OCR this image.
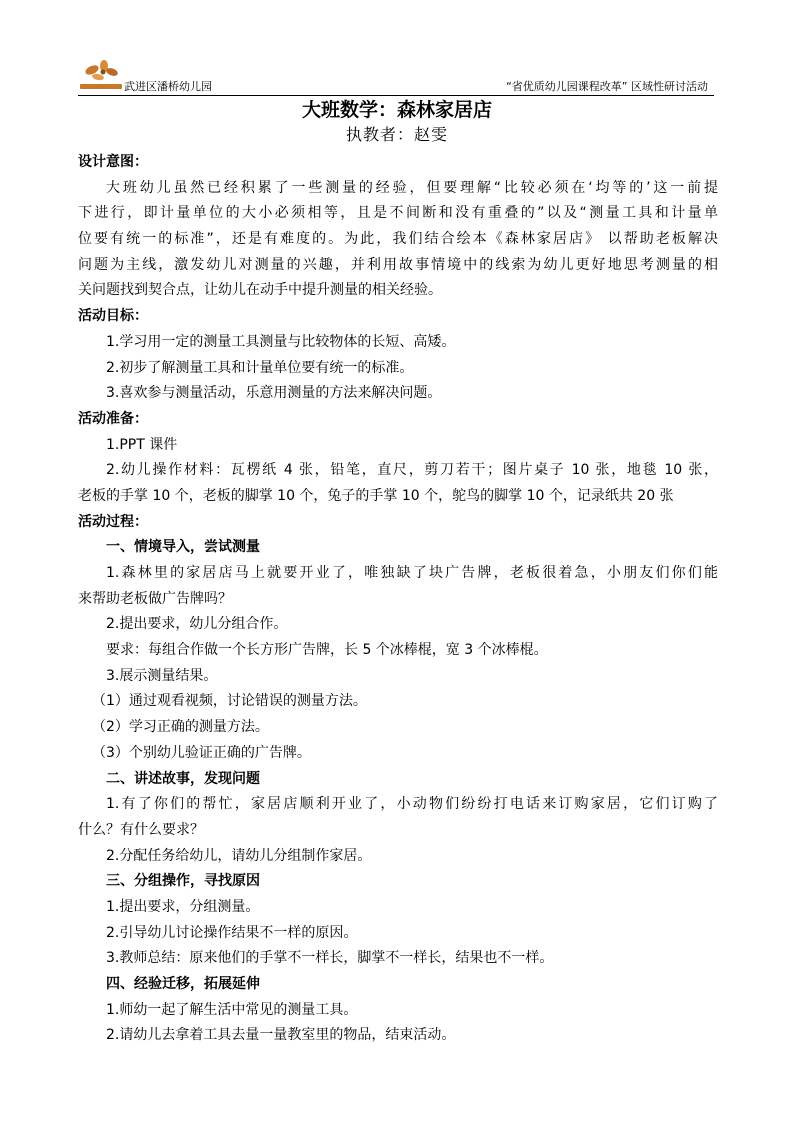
武进区潘桥幼儿园	“省优质幼儿园课程改革” 区域性研讨活动
大班数学：森林家居店
执教者：赵雯
设计意图：
大班幼儿虽然已经积累了一些测量的经验，但要理解“比较必须在‘均等的’这一前提
下进行，即计量单位的大小必须相等，且是不间断和没有重叠的”以及“测量工具和计量单
位要有统一的标准”，还是有难度的。为此，我们结合绘本《森林家居店》 以帮助老板解决
问题为主线，激发幼儿对测量的兴趣，并利用故事情境中的线索为幼儿更好地思考测量的相
关问题找到契合点，让幼儿在动手中提升测量的相关经验。
活动目标：
1.学习用一定的测量工具测量与比较物体的长短、高矮。
2.初步了解测量工具和计量单位要有统一的标准。
3.喜欢参与测量活动，乐意用测量的方法来解决问题。
活动准备：
1.PPT 课件
2.幼儿操作材料：瓦楞纸 4 张，铅笔，直尺，剪刀若干；图片桌子 10 张，地毯 10 张，
老板的手掌 10 个，老板的脚掌 10 个，兔子的手掌 10 个，鸵鸟的脚掌 10 个，记录纸共 20 张
活动过程：
一、情境导入，尝试测量
1.森林里的家居店马上就要开业了，唯独缺了块广告牌，老板很着急，小朋友们你们能
来帮助老板做广告牌吗？
2.提出要求，幼儿分组合作。
要求：每组合作做一个长方形广告牌，长 5 个冰棒棍，宽 3 个冰棒棍。
3.展示测量结果。
（1）通过观看视频，讨论错误的测量方法。
（2）学习正确的测量方法。
（3）个别幼儿验证正确的广告牌。
二、讲述故事，发现问题
1.有了你们的帮忙，家居店顺利开业了，小动物们纷纷打电话来订购家居，它们订购了
什么？有什么要求？
2.分配任务给幼儿，请幼儿分组制作家居。
三、分组操作，寻找原因
1.提出要求，分组测量。
2.引导幼儿讨论操作结果不一样的原因。
3.教师总结：原来他们的手掌不一样长，脚掌不一样长，结果也不一样。
四、经验迁移，拓展延伸
1.师幼一起了解生活中常见的测量工具。
2.请幼儿去拿着工具去量一量教室里的物品，结束活动。
